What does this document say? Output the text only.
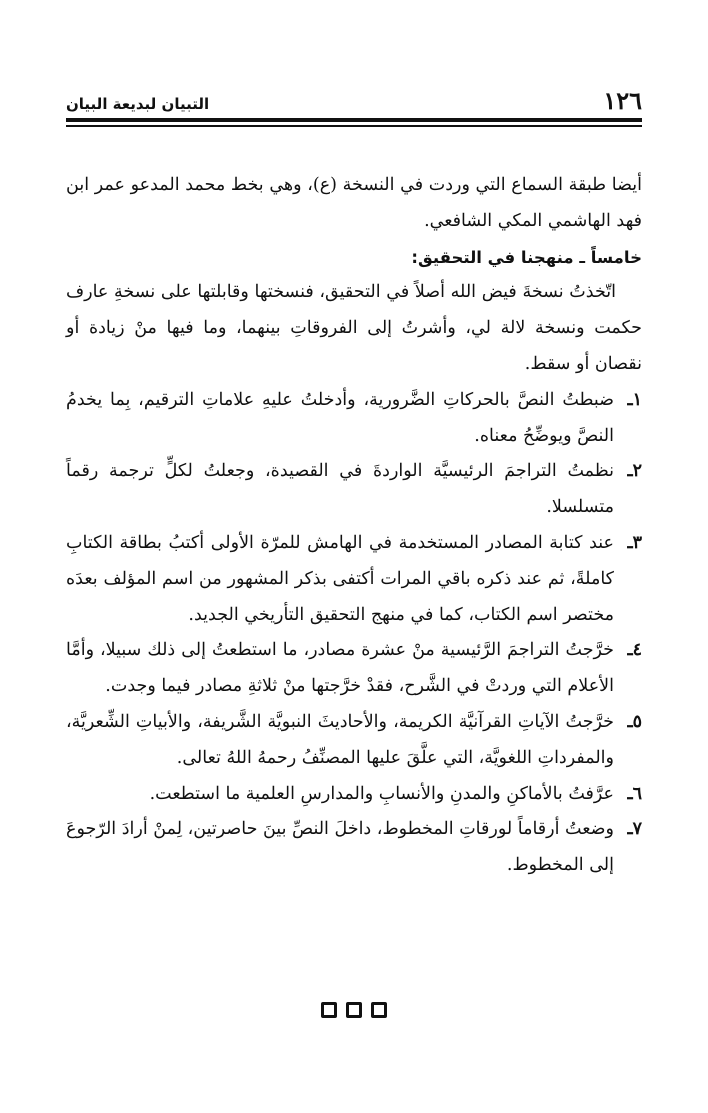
١٢٦
التبيان لبديعة البيان

أيضا طبقة السماع التي وردت في النسخة (ع)، وهي بخط محمد المدعو عمر ابن فهد الهاشمي المكي الشافعي.

خامساً ـ منهجنا في التحقيق:

اتّخذتُ نسخةَ فيض الله أصلاً في التحقيق، فنسختها وقابلتها على نسخةِ عارف حكمت ونسخة لالة لي، وأشرتُ إلى الفروقاتِ بينهما، وما فيها منْ زيادة أو نقصان أو سقط.

١ـ
ضبطتُ النصَّ بالحركاتِ الضَّرورية، وأدخلتُ عليهِ علاماتِ الترقيم، بِما يخدمُ النصَّ ويوضِّحُ معناه.
٢ـ
نظمتُ التراجمَ الرئيسيَّة الواردةَ في القصيدة، وجعلتُ لكلٍّ ترجمة رقماً متسلسلا.
٣ـ
عند كتابة المصادر المستخدمة في الهامش للمرّة الأولى أكتبُ بطاقة الكتابِ كاملةً، ثم عند ذكره باقي المرات أكتفى بذكر المشهور من اسم المؤلف بعدَه مختصر اسم الكتاب، كما في منهج التحقيق التأريخي الجديد.
٤ـ
خرَّجتُ التراجمَ الرَّئيسية منْ عشرة مصادر، ما استطعتُ إلى ذلك سبيلا، وأمَّا الأعلام التي وردتْ في الشَّرح، فقدْ خرَّجتها منْ ثلاثةِ مصادر فيما وجدت.
٥ـ
خرَّجتُ الآياتِ القرآنيَّة الكريمة، والأحاديثَ النبويَّة الشَّريفة، والأبياتِ الشِّعريَّة، والمفرداتِ اللغويَّة، التي علَّقَ عليها المصنِّفُ رحمهُ اللهُ تعالى.
٦ـ
عرَّفتُ بالأماكنِ والمدنِ والأنسابِ والمدارسِ العلمية ما استطعت.
٧ـ
وضعتُ أرقاماً لورقاتِ المخطوط، داخلَ النصِّ بينَ حاصرتين، لِمنْ أرادَ الرّجوعَ إلى المخطوط.
